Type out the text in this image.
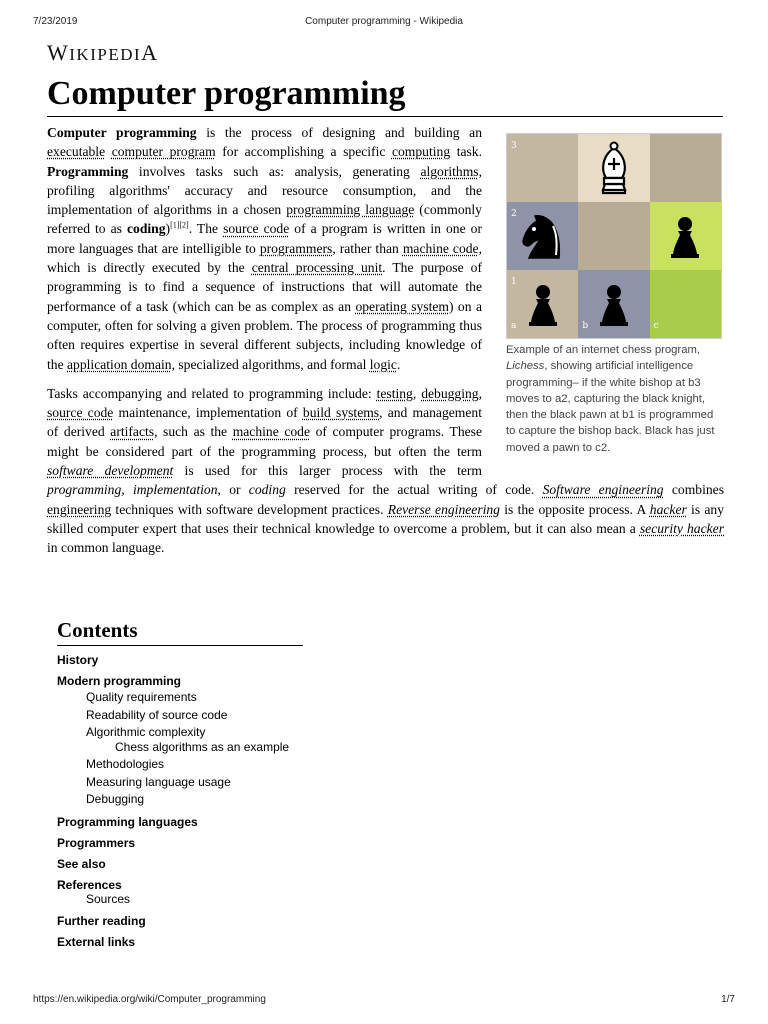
7/23/2019	Computer programming - Wikipedia
WIKIPEDIA
Computer programming
3
2
1
a	b	c
Example of an internet chess program, Lichess, showing artificial intelligence programming– if the white bishop at b3 moves to a2, capturing the black knight, then the black pawn at b1 is programmed to capture the bishop back. Black has just moved a pawn to c2.

Computer programming is the process of designing and building an executable computer program for accomplishing a specific computing task. Programming involves tasks such as: analysis, generating algorithms, profiling algorithms' accuracy and resource consumption, and the implementation of algorithms in a chosen programming language (commonly referred to as coding)[1][2]. The source code of a program is written in one or more languages that are intelligible to programmers, rather than machine code, which is directly executed by the central processing unit. The purpose of programming is to find a sequence of instructions that will automate the performance of a task (which can be as complex as an operating system) on a computer, often for solving a given problem. The process of programming thus often requires expertise in several different subjects, including knowledge of the application domain, specialized algorithms, and formal logic.

Tasks accompanying and related to programming include: testing, debugging, source code maintenance, implementation of build systems, and management of derived artifacts, such as the machine code of computer programs. These might be considered part of the programming process, but often the term software development is used for this larger process with the term programming, implementation, or coding reserved for the actual writing of code. Software engineering combines engineering techniques with software development practices. Reverse engineering is the opposite process. A hacker is any skilled computer expert that uses their technical knowledge to overcome a problem, but it can also mean a security hacker in common language.

Contents
History
Modern programming
Quality requirements
Readability of source code
Algorithmic complexity
Chess algorithms as an example
Methodologies
Measuring language usage
Debugging
Programming languages
Programmers
See also
References
Sources
Further reading
External links
https://en.wikipedia.org/wiki/Computer_programming	1/7
